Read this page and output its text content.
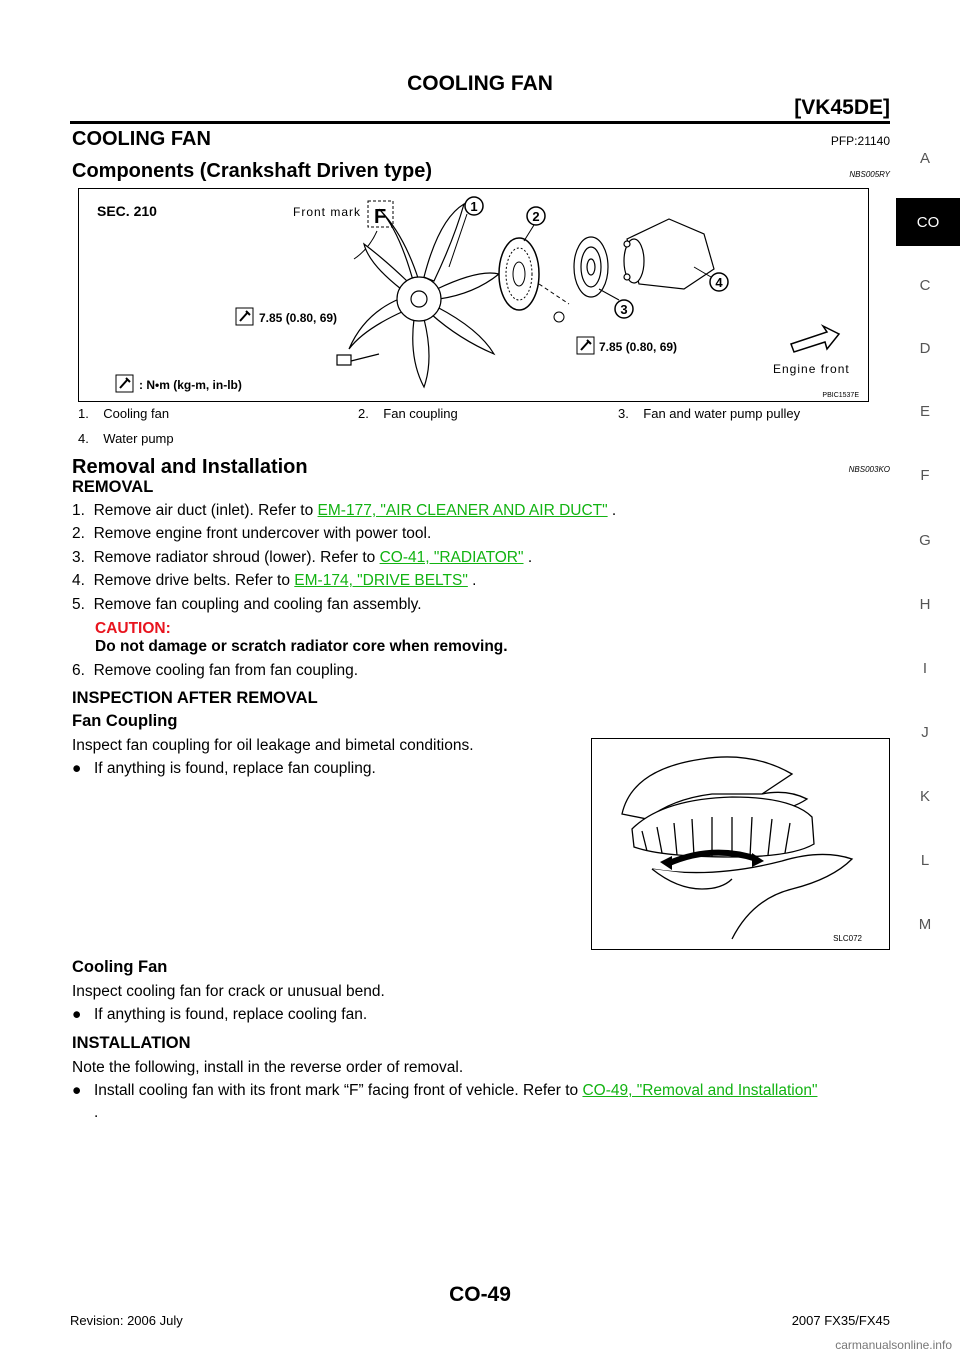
COOLING FAN
[VK45DE]
COOLING FAN	PFP:21140
Components (Crankshaft Driven type)	NBS005RY
SEC. 210	Front mark F	1
2
3
4
7.85 (0.80, 69)
7.85 (0.80, 69)
: N•m (kg-m, in-lb)
Engine front
PBIC1537E
1.    Cooling fan	2.    Fan coupling	3.    Fan and water pump pulley
4.    Water pump		
Removal and Installation	NBS003KO
REMOVAL
1. Remove air duct (inlet). Refer to EM-177, "AIR CLEANER AND AIR DUCT" .
2. Remove engine front undercover with power tool.
3. Remove radiator shroud (lower). Refer to CO-41, "RADIATOR" .
4. Remove drive belts. Refer to EM-174, "DRIVE BELTS" .
5. Remove fan coupling and cooling fan assembly.
CAUTION:
Do not damage or scratch radiator core when removing.
6. Remove cooling fan from fan coupling.
INSPECTION AFTER REMOVAL
Fan Coupling
Inspect fan coupling for oil leakage and bimetal conditions.
● If anything is found, replace fan coupling.
SLC072
Cooling Fan
Inspect cooling fan for crack or unusual bend.
● If anything is found, replace cooling fan.
INSTALLATION
Note the following, install in the reverse order of removal.
● Install cooling fan with its front mark “F” facing front of vehicle. Refer to CO-49, "Removal and Installation"
.
A
CO
C
D
E
F
G
H
I
J
K
L
M
CO-49
Revision: 2006 July	2007 FX35/FX45
carmanualsonline.info
